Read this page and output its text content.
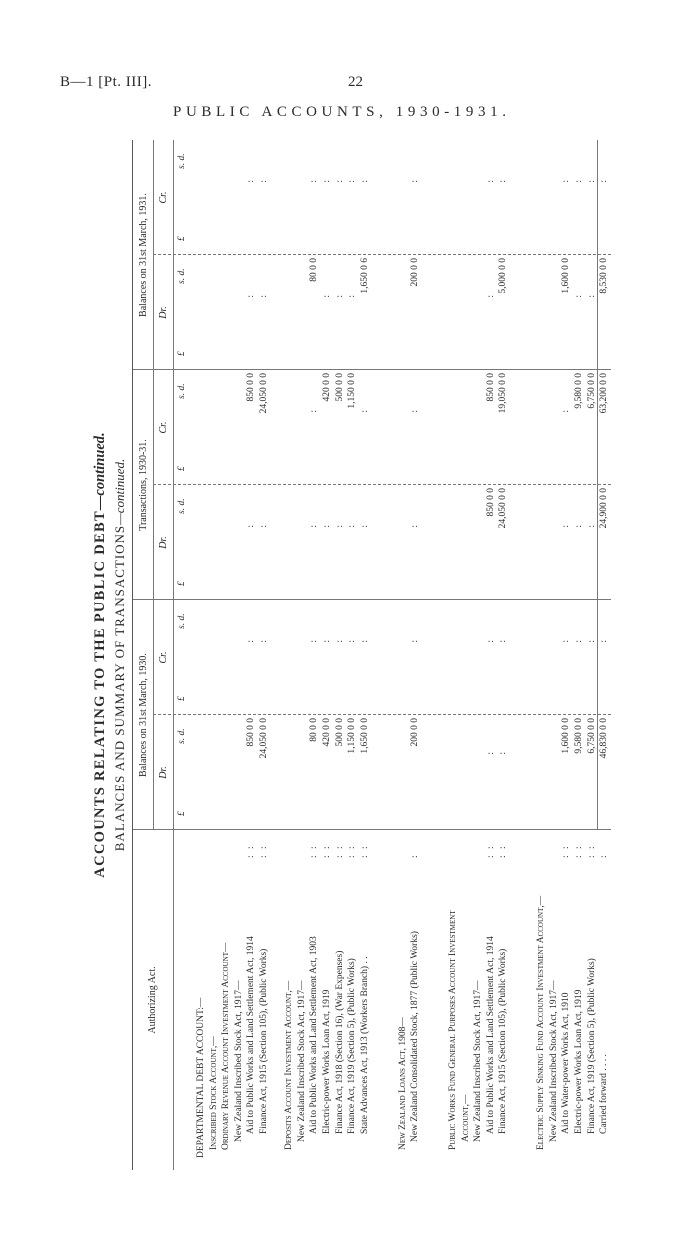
B—1 [Pt. III].	22
PUBLIC ACCOUNTS, 1930-1931.
ACCOUNTS RELATING TO THE PUBLIC DEBT—continued.
BALANCES AND SUMMARY OF TRANSACTIONS—continued.
Authorizing Act.
Balances on 31st March, 1930.
Transactions, 1930-31.
Balances on 31st March, 1931.
Dr.
Cr.
Dr.
Cr.
Dr.
Cr.
£
s. d.
£
s. d.
£
s. d.
£
s. d.
£
s. d.
£
s. d.
DEPARTMENTAL DEBT ACCOUNT:— Inscribed Stock Account,— Ordinary Revenue Account Investment Account— New Zealand Inscribed Stock Act, 1917— Aid to Public Works and Land Settlement Act, 1914
: :
850 0 0
:
:
850 0 0
:
:
Finance Act, 1915 (Section 105), (Public Works)
: :
24,050 0 0
:
:
24,050 0 0
:
:
Deposits Account Investment Account,— New Zealand Inscribed Stock Act, 1917— Aid to Public Works and Land Settlement Act, 1903
: :
80 0 0
:
:
:
80 0 0
:
Electric-power Works Loan Act, 1919
: :
420 0 0
:
:
420 0 0
:
:
Finance Act, 1918 (Section 16), (War Expenses)
: :
500 0 0
:
:
500 0 0
:
:
Finance Act, 1919 (Section 5), (Public Works)
: :
1,150 0 0
:
:
1,150 0 0
:
:
State Advances Act, 1913 (Workers Branch) . .
: :
1,650 0 0
:
:
:
1,650 0 6
:
New Zealand Loans Act, 1908— New Zealand Consolidated Stock, 1877 (Public Works)
:
200 0 0
:
:
:
200 0 0
:
Public Works Fund General Purposes Account Investment Account,— New Zealand Inscribed Stock Act, 1917— Aid to Public Works and Land Settlement Act, 1914
: :
:
:
850 0 0
850 0 0
:
:
Finance Act, 1915 (Section 105), (Public Works)
: :
:
:
24,050 0 0
19,050 0 0
5,000 0 0
:
Electric Supply Sinking Fund Account Investment Account,— New Zealand Inscribed Stock Act, 1917— Aid to Water-power Works Act, 1910
: :
1,600 0 0
:
:
:
1,600 0 0
:
Electric-power Works Loan Act, 1919
: :
9,580 0 0
:
:
9,580 0 0
:
:
Finance Act, 1919 (Section 5), (Public Works)
: :
6,750 0 0
:
:
6,750 0 0
:
:
Carried forward . . . .
:
46,830 0 0
:
24,900 0 0
63,200 0 0
8,530 0 0
:
